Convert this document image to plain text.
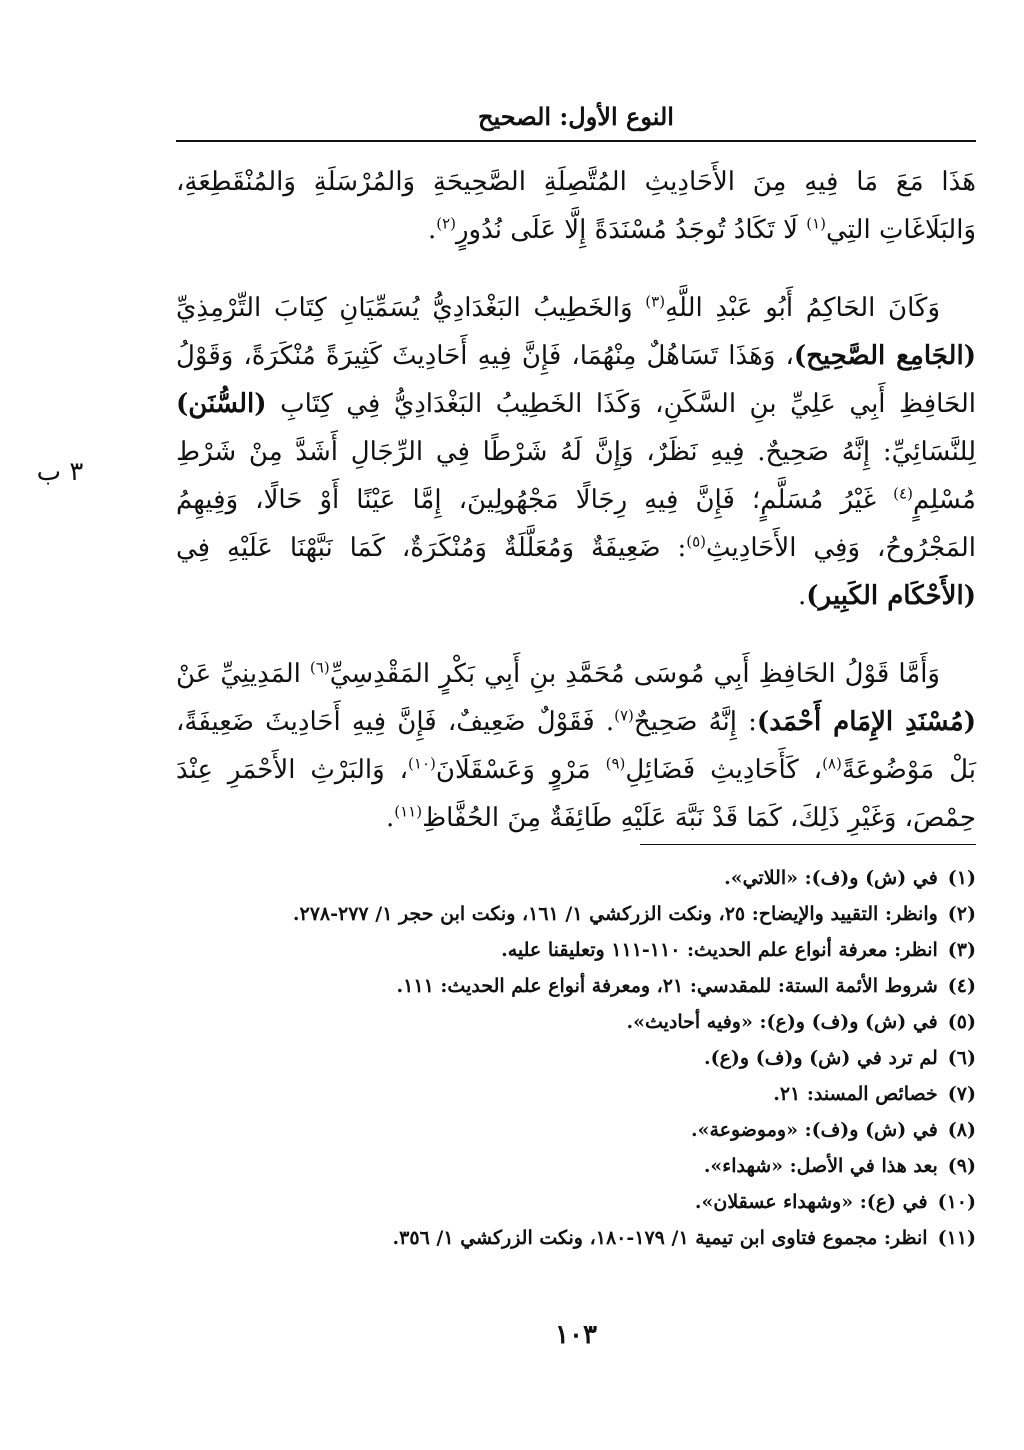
النوع الأول: الصحيح
٣ ب

هَذَا مَعَ مَا فِيهِ مِنَ الأَحَادِيثِ المُتَّصِلَةِ الصَّحِيحَةِ وَالمُرْسَلَةِ وَالمُنْقَطِعَةِ، وَالبَلَاغَاتِ التِي$^{(١)}$ لَا تَكَادُ تُوجَدُ مُسْنَدَةً إِلَّا عَلَى نُدُورٍ$^{(٢)}$.

وَكَانَ الحَاكِمُ أَبُو عَبْدِ اللَّهِ$^{(٣)}$ وَالخَطِيبُ البَغْدَادِيُّ يُسَمِّيَانِ كِتَابَ التِّرْمِذِيِّ (الجَامِع الصَّحِيح)، وَهَذَا تَسَاهُلٌ مِنْهُمَا، فَإِنَّ فِيهِ أَحَادِيثَ كَثِيرَةً مُنْكَرَةً، وَقَوْلُ الحَافِظِ أَبِي عَلِيِّ بنِ السَّكَنِ، وَكَذَا الخَطِيبُ البَغْدَادِيُّ فِي كِتَابِ (السُّنَن) لِلنَّسَائِيِّ: إِنَّهُ صَحِيحٌ. فِيهِ نَظَرٌ، وَإِنَّ لَهُ شَرْطًا فِي الرِّجَالِ أَشَدَّ مِنْ شَرْطِ مُسْلِمٍ$^{(٤)}$ غَيْرُ مُسَلَّمٍ؛ فَإِنَّ فِيهِ رِجَالًا مَجْهُولِينَ، إِمَّا عَيْنًا أَوْ حَالًا، وَفِيهِمُ المَجْرُوحُ، وَفِي الأَحَادِيثِ$^{(٥)}$: ضَعِيفَةٌ وَمُعَلَّلَةٌ وَمُنْكَرَةٌ، كَمَا نَبَّهْنَا عَلَيْهِ فِي (الأَحْكَام الكَبِير).

وَأَمَّا قَوْلُ الحَافِظِ أَبِي مُوسَى مُحَمَّدِ بنِ أَبِي بَكْرٍ المَقْدِسِيِّ$^{(٦)}$ المَدِينِيِّ عَنْ (مُسْنَدِ الإِمَام أَحْمَد): إِنَّهُ صَحِيحٌ$^{(٧)}$. فَقَوْلٌ ضَعِيفٌ، فَإِنَّ فِيهِ أَحَادِيثَ ضَعِيفَةً، بَلْ مَوْضُوعَةً$^{(٨)}$، كَأَحَادِيثِ فَضَائِلِ$^{(٩)}$ مَرْوٍ وَعَسْقَلَانَ$^{(١٠)}$، وَالبَرْثِ الأَحْمَرِ عِنْدَ حِمْصَ، وَغَيْرِ ذَلِكَ، كَمَا قَدْ نَبَّهَ عَلَيْهِ طَائِفَةٌ مِنَ الحُفَّاظِ$^{(١١)}$.

(١)في (ش) و(ف): «اللاتي».
(٢)وانظر: التقييد والإيضاح: ٢٥، ونكت الزركشي ١/ ١٦١، ونكت ابن حجر ١/ ٢٧٧-٢٧٨.
(٣)انظر: معرفة أنواع علم الحديث: ١١٠-١١١ وتعليقنا عليه.
(٤)شروط الأئمة الستة: للمقدسي: ٢١، ومعرفة أنواع علم الحديث: ١١١.
(٥)في (ش) و(ف) و(ع): «وفيه أحاديث».
(٦)لم ترد في (ش) و(ف) و(ع).
(٧)خصائص المسند: ٢١.
(٨)في (ش) و(ف): «وموضوعة».
(٩)بعد هذا في الأصل: «شهداء».
(١٠)في (ع): «وشهداء عسقلان».
(١١)انظر: مجموع فتاوى ابن تيمية ١/ ١٧٩-١٨٠، ونكت الزركشي ١/ ٣٥٦.
١٠٣
